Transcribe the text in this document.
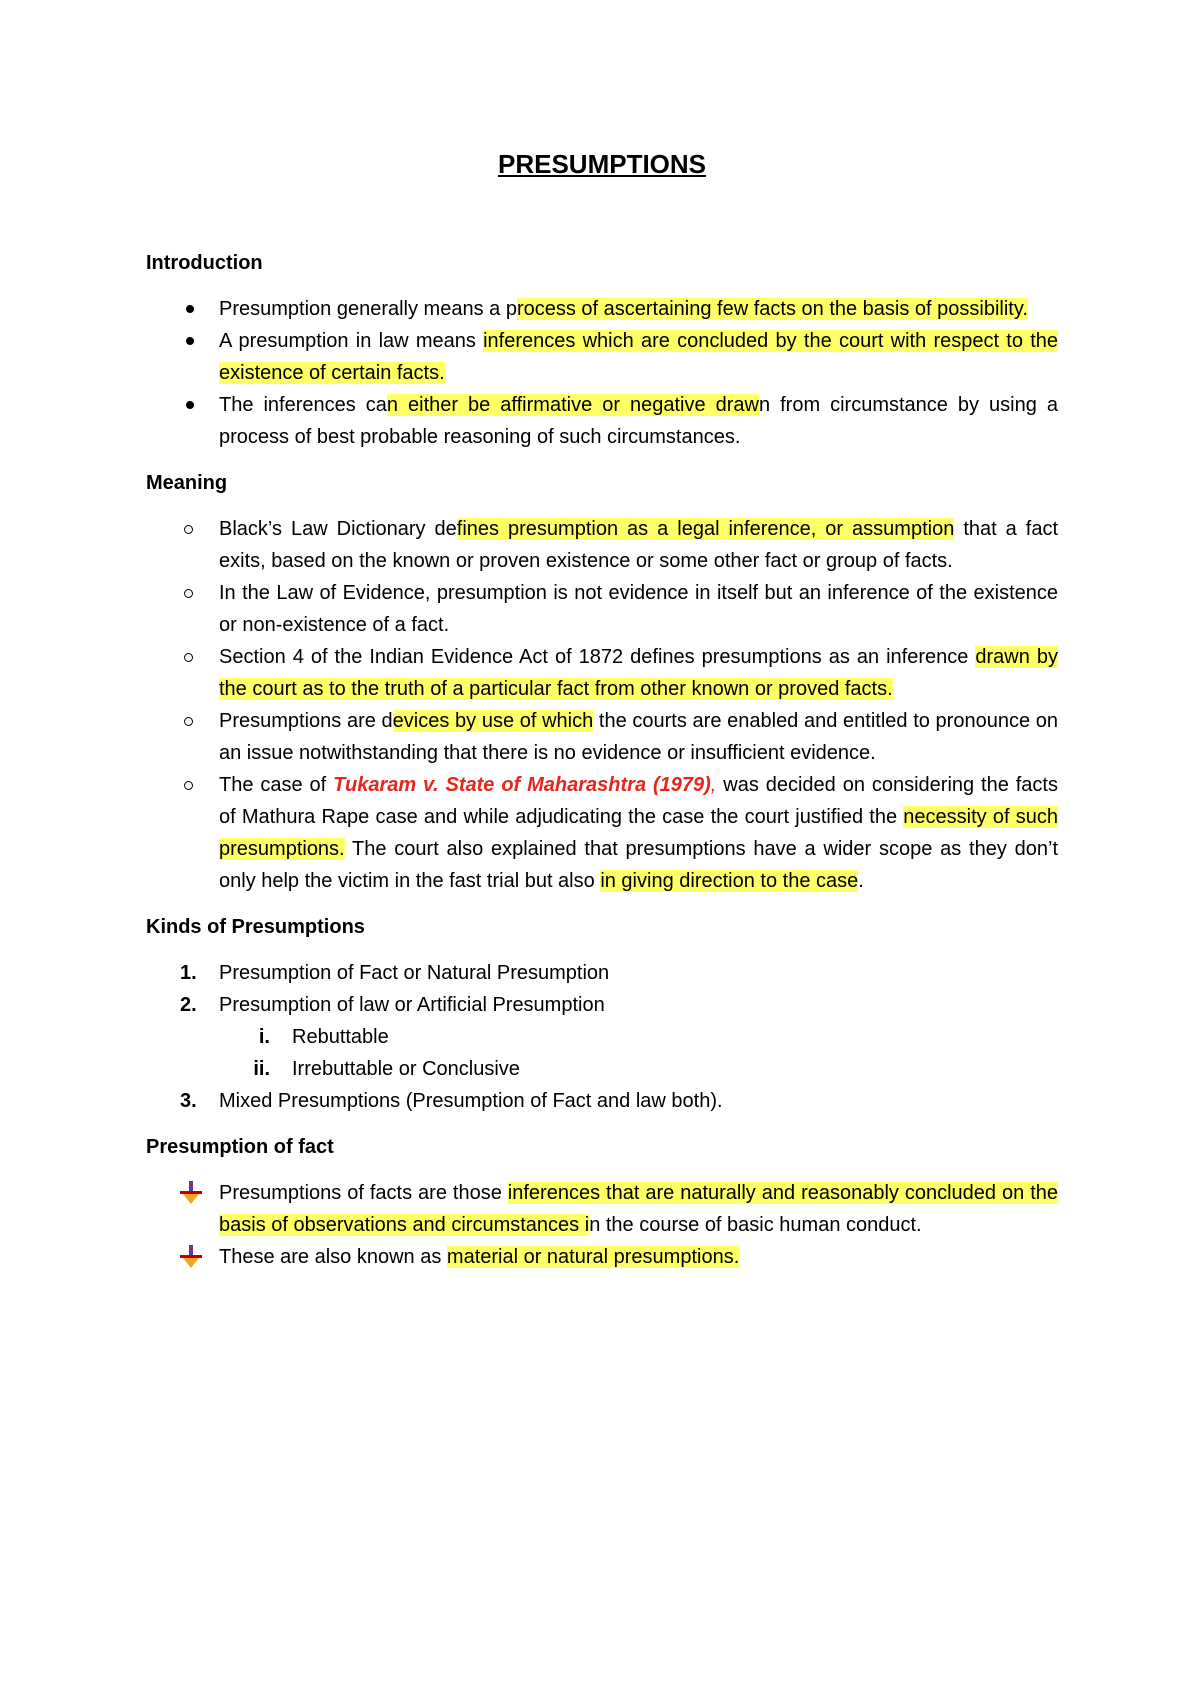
PRESUMPTIONS
Introduction
Presumption generally means a process of ascertaining few facts on the basis of possibility.
A presumption in law means inferences which are concluded by the court with respect to the existence of certain facts.
The inferences can either be affirmative or negative drawn from circumstance by using a process of best probable reasoning of such circumstances.
Meaning
Black’s Law Dictionary defines presumption as a legal inference, or assumption that a fact exits, based on the known or proven existence or some other fact or group of facts.
In the Law of Evidence, presumption is not evidence in itself but an inference of the existence or non-existence of a fact.
Section 4 of the Indian Evidence Act of 1872 defines presumptions as an inference drawn by the court as to the truth of a particular fact from other known or proved facts.
Presumptions are devices by use of which the courts are enabled and entitled to pronounce on an issue notwithstanding that there is no evidence or insufficient evidence.
The case of Tukaram v. State of Maharashtra (1979), was decided on considering the facts of Mathura Rape case and while adjudicating the case the court justified the necessity of such presumptions. The court also explained that presumptions have a wider scope as they don’t only help the victim in the fast trial but also in giving direction to the case.
Kinds of Presumptions
1. Presumption of Fact or Natural Presumption
2. Presumption of law or Artificial Presumption
i. Rebuttable
ii. Irrebuttable or Conclusive
3. Mixed Presumptions (Presumption of Fact and law both).
Presumption of fact
Presumptions of facts are those inferences that are naturally and reasonably concluded on the basis of observations and circumstances in the course of basic human conduct.
These are also known as material or natural presumptions.
